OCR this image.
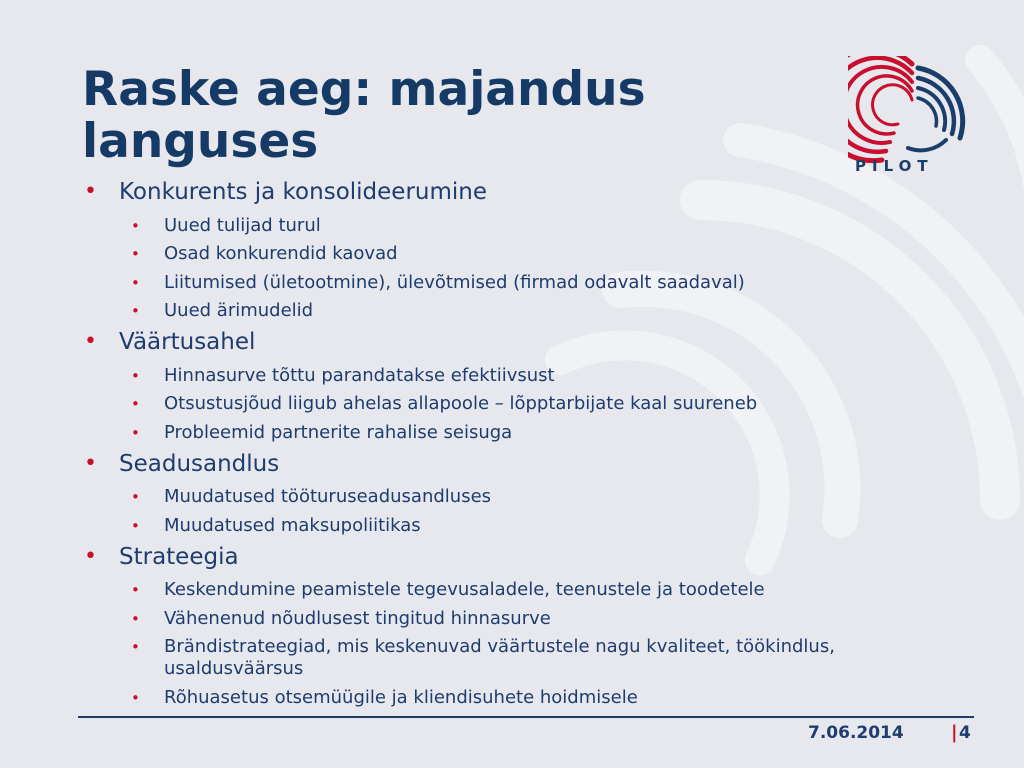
Raske aeg: majandus languses	PILOT
• Konkurents ja konsolideerumine
• Uued tulijad turul
• Osad konkurendid kaovad
• Liitumised (ületootmine), ülevõtmised (firmad odavalt saadaval)
• Uued ärimudelid
• Väärtusahel
• Hinnasurve tõttu parandatakse efektiivsust
• Otsustusjõud liigub ahelas allapoole – lõpptarbijate kaal suureneb
• Probleemid partnerite rahalise seisuga
• Seadusandlus
• Muudatused tööturuseadusandluses
• Muudatused maksupoliitikas
• Strateegia
• Keskendumine peamistele tegevusaladele, teenustele ja toodetele
• Vähenenud nõudlusest tingitud hinnasurve
• Brändistrateegiad, mis keskenuvad väärtustele nagu kvaliteet, töökindlus, usaldusväärsus
• Rõhuasetus otsemüügile ja kliendisuhete hoidmisele
7.06.2014	| 4
